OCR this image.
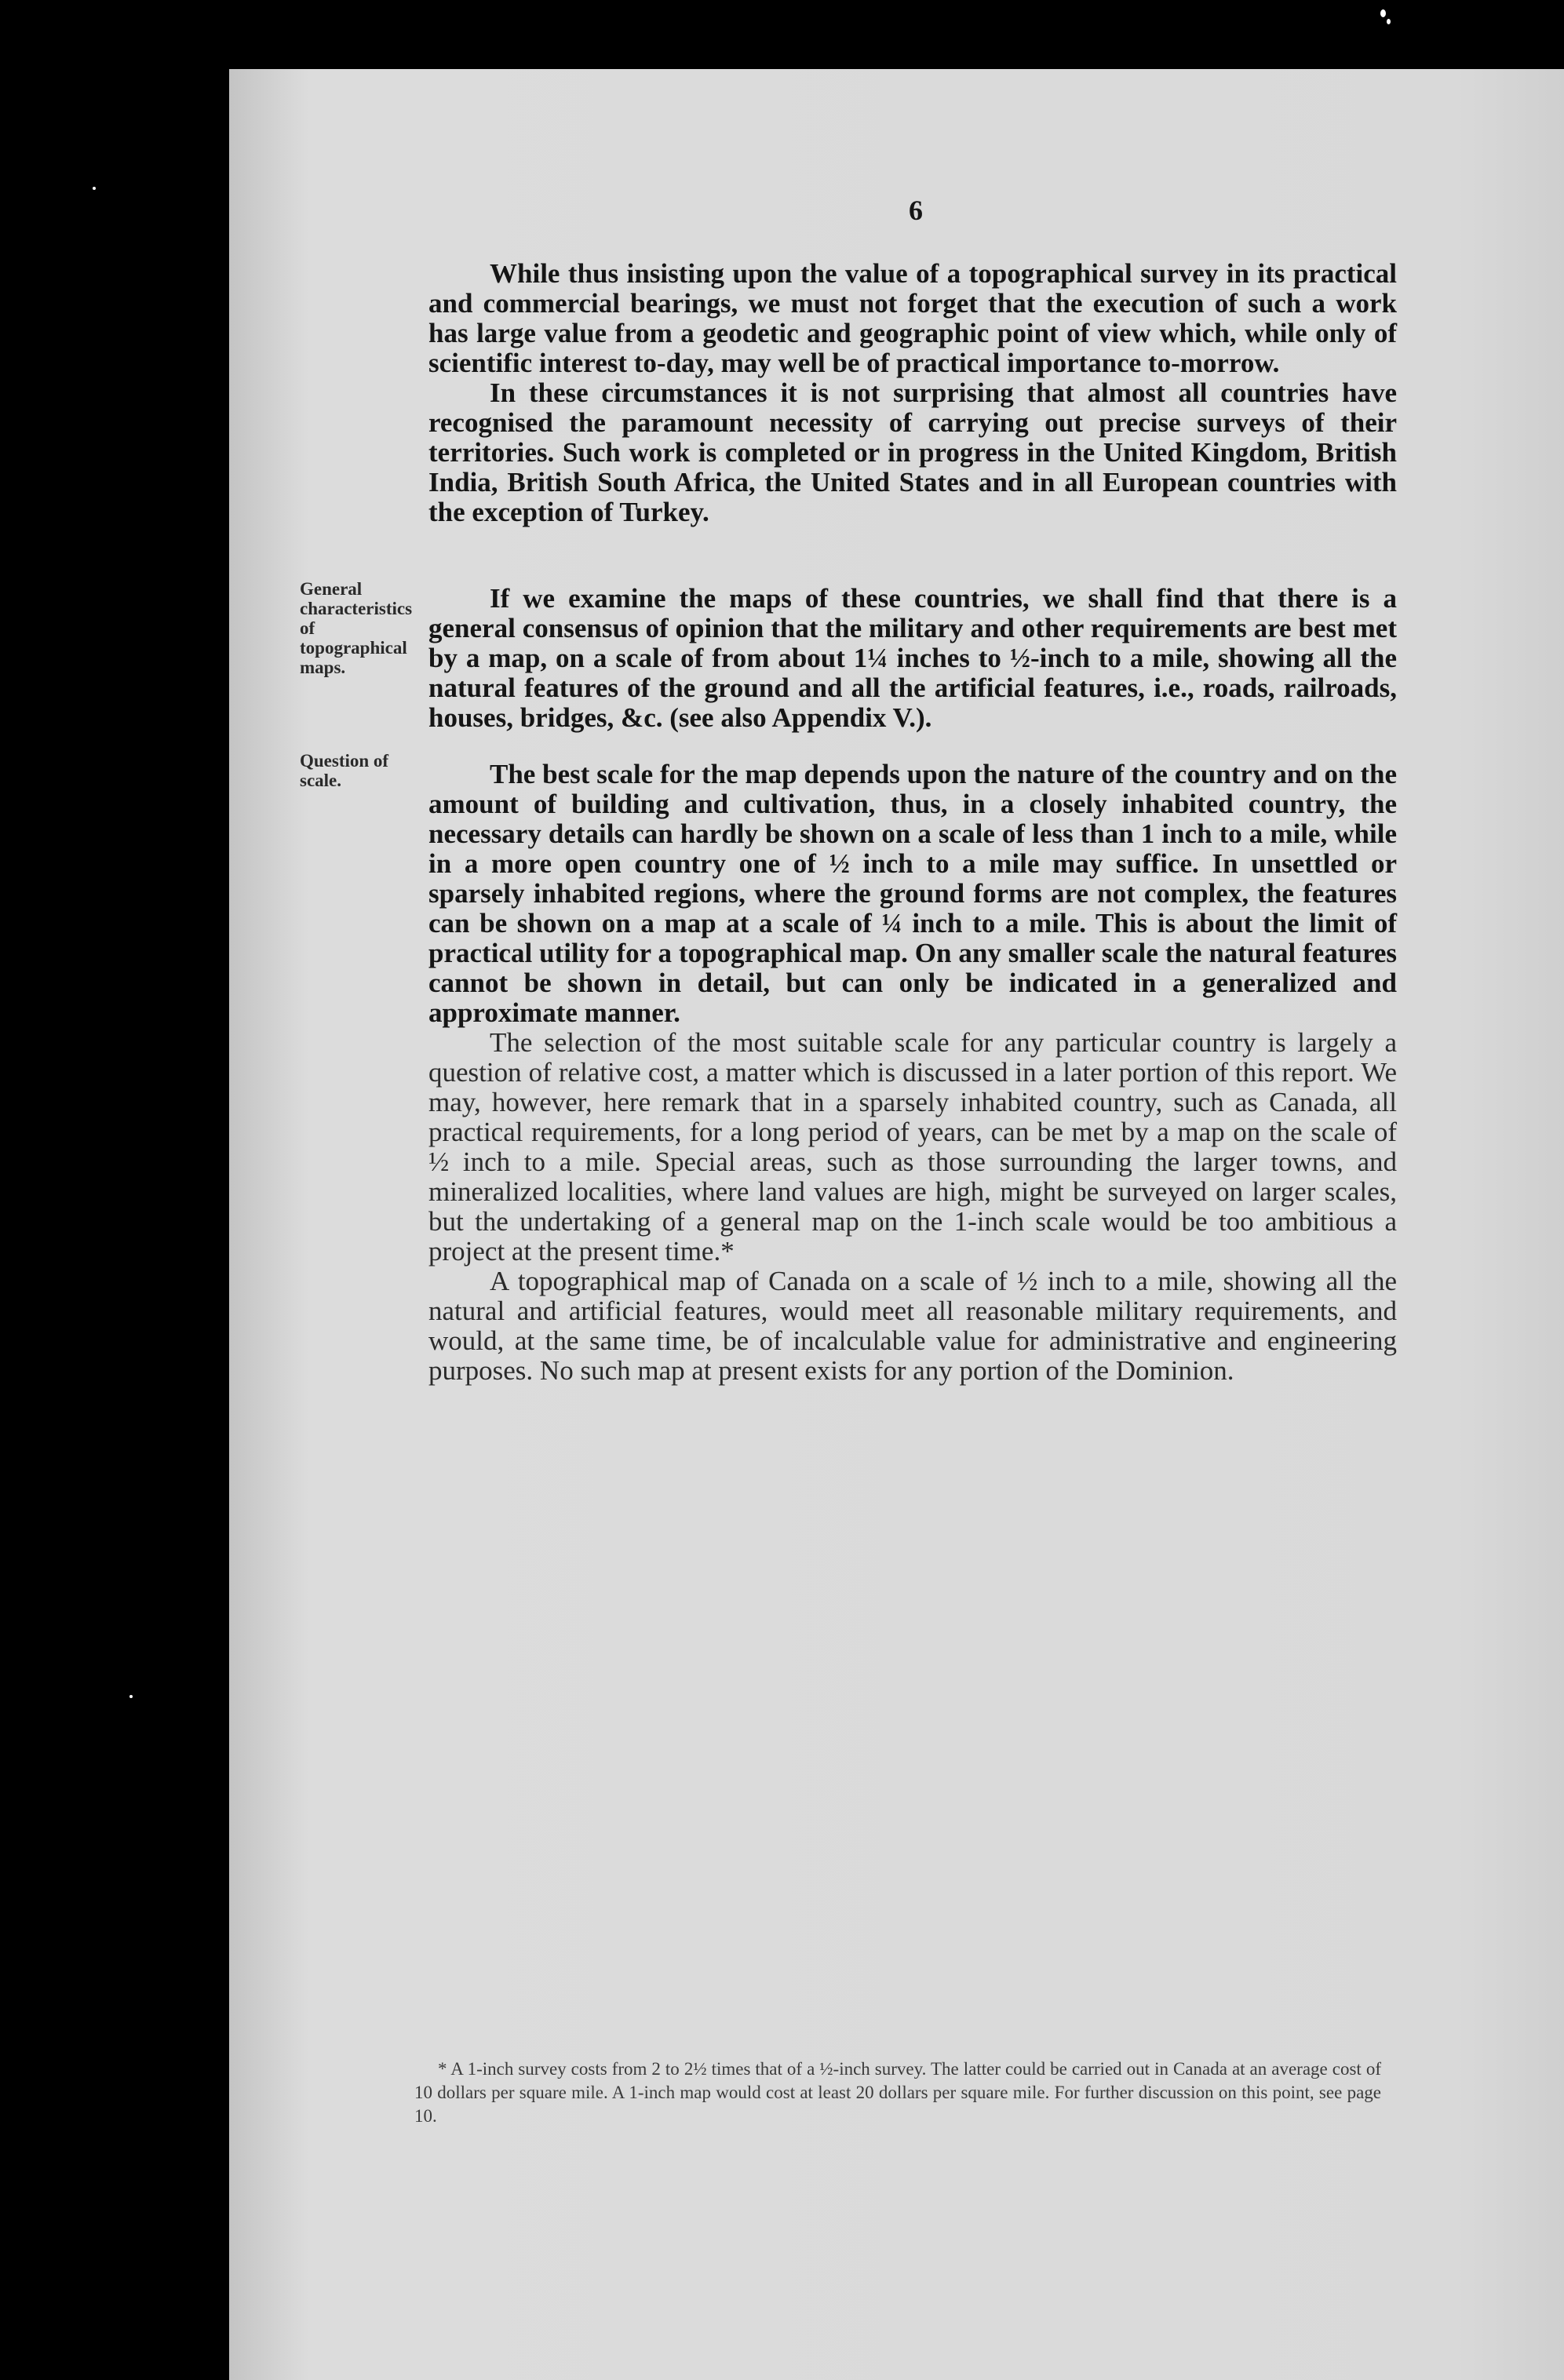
6

While thus insisting upon the value of a topographical survey in its practical and commercial bearings, we must not forget that the execution of such a work has large value from a geodetic and geographic point of view which, while only of scientific interest to-day, may well be of practical importance to-morrow.

In these circumstances it is not surprising that almost all countries have recognised the paramount necessity of carrying out precise surveys of their territories. Such work is completed or in progress in the United Kingdom, British India, British South Africa, the United States and in all European countries with the exception of Turkey.

General characteristics of topographical maps.

If we examine the maps of these countries, we shall find that there is a general consensus of opinion that the military and other requirements are best met by a map, on a scale of from about 1¼ inches to ½-inch to a mile, showing all the natural features of the ground and all the artificial features, i.e., roads, railroads, houses, bridges, &c. (see also Appendix V.).

Question of scale.	The best scale for the map depends upon the nature of the country and on the amount of building and cultivation, thus, in a closely inhabited country, the necessary details can hardly be shown on a scale of less than 1 inch to a mile, while in a more open country one of ½ inch to a mile may suffice. In unsettled or sparsely inhabited regions, where the ground forms are not complex, the features can be shown on a map at a scale of ¼ inch to a mile. This is about the limit of practical utility for a topographical map. On any smaller scale the natural features cannot be shown in detail, but can only be indicated in a generalized and approximate manner.

The selection of the most suitable scale for any particular country is largely a question of relative cost, a matter which is discussed in a later portion of this report. We may, however, here remark that in a sparsely inhabited country, such as Canada, all practical requirements, for a long period of years, can be met by a map on the scale of ½ inch to a mile. Special areas, such as those surrounding the larger towns, and mineralized localities, where land values are high, might be surveyed on larger scales, but the undertaking of a general map on the 1-inch scale would be too ambitious a project at the present time.*

A topographical map of Canada on a scale of ½ inch to a mile, showing all the natural and artificial features, would meet all reasonable military requirements, and would, at the same time, be of incalculable value for administrative and engineering purposes. No such map at present exists for any portion of the Dominion.

* A 1-inch survey costs from 2 to 2½ times that of a ½-inch survey. The latter could be carried out in Canada at an average cost of 10 dollars per square mile. A 1-inch map would cost at least 20 dollars per square mile. For further discussion on this point, see page 10.
